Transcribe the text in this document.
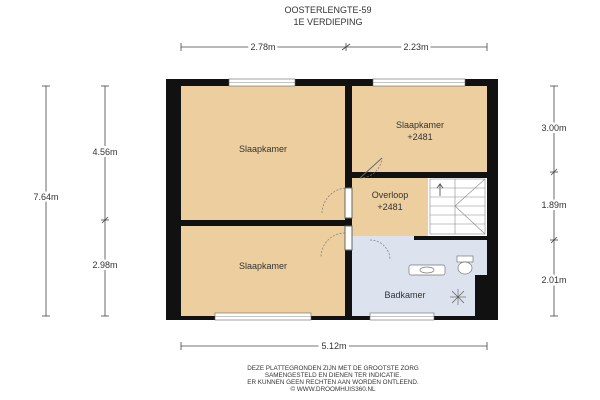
OOSTERLENGTE-59
1E VERDIEPING
2.78m	2.23m
5.12m
7.64m
4.56m
2.98m
3.00m
1.89m
2.01m
Slaapkamer
Slaapkamer
+2481
Overloop
+2481
Slaapkamer
Badkamer
DEZE PLATTEGRONDEN ZIJN MET DE GROOTSTE ZORG
SAMENGESTELD EN DIENEN TER INDICATIE.
ER KUNNEN GEEN RECHTEN AAN WORDEN ONTLEEND.
© WWW.DROOMHUIS360.NL
